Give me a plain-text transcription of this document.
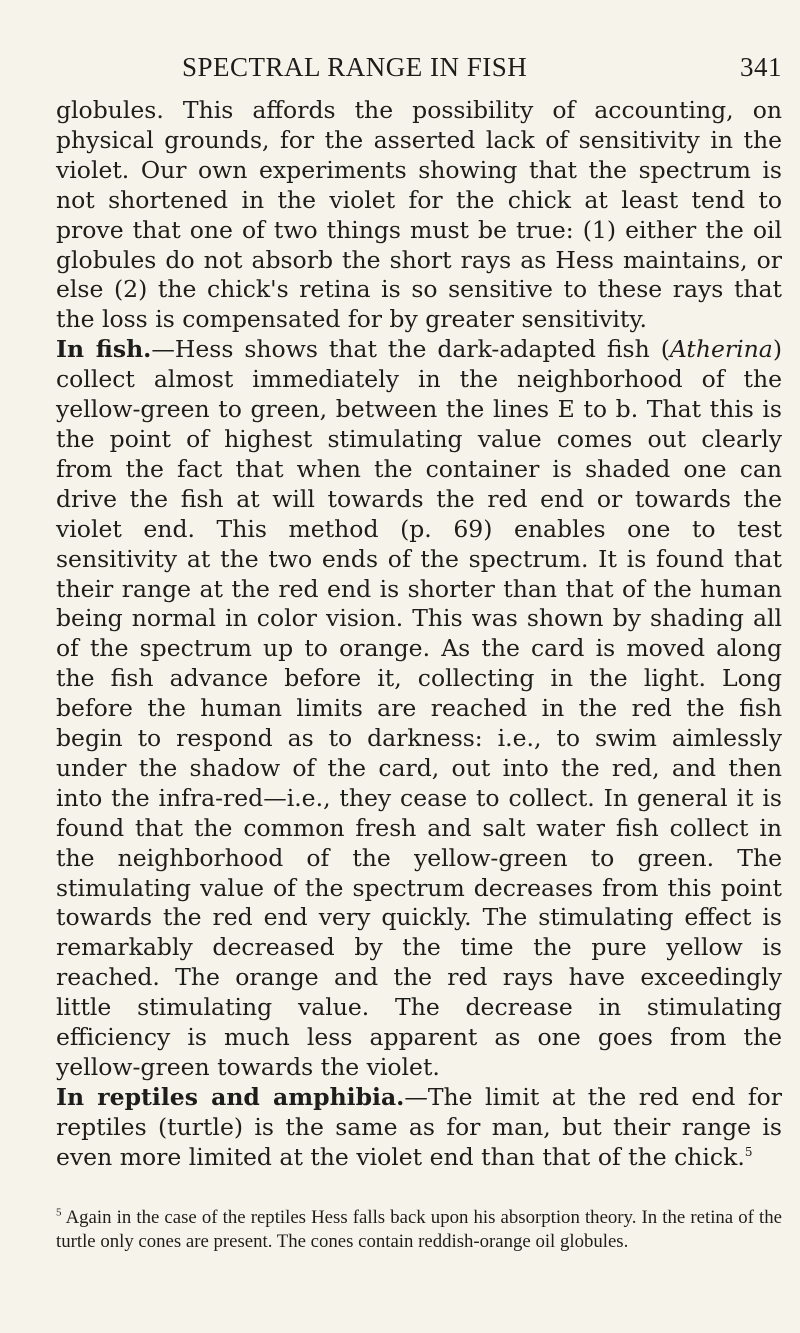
SPECTRAL RANGE IN FISH	341

globules. This affords the possibility of accounting, on physical grounds, for the asserted lack of sensitivity in the violet. Our own experiments showing that the spectrum is not shortened in the violet for the chick at least tend to prove that one of two things must be true: (1) either the oil globules do not absorb the short rays as Hess maintains, or else (2) the chick's retina is so sensitive to these rays that the loss is compensated for by greater sensitivity.

In fish.—Hess shows that the dark-adapted fish (Atherina) collect almost immediately in the neighborhood of the yellow-green to green, between the lines E to b. That this is the point of highest stimulating value comes out clearly from the fact that when the container is shaded one can drive the fish at will towards the red end or towards the violet end. This method (p. 69) enables one to test sensitivity at the two ends of the spectrum. It is found that their range at the red end is shorter than that of the human being normal in color vision. This was shown by shading all of the spectrum up to orange. As the card is moved along the fish advance before it, collecting in the light. Long before the human limits are reached in the red the fish begin to respond as to darkness: i.e., to swim aimlessly under the shadow of the card, out into the red, and then into the infra-red—i.e., they cease to collect. In general it is found that the common fresh and salt water fish collect in the neighborhood of the yellow-green to green. The stimulating value of the spectrum decreases from this point towards the red end very quickly. The stimulating effect is remarkably decreased by the time the pure yellow is reached. The orange and the red rays have exceedingly little stimulating value. The decrease in stimulating efficiency is much less apparent as one goes from the yellow-green towards the violet.

In reptiles and amphibia.—The limit at the red end for reptiles (turtle) is the same as for man, but their range is even more limited at the violet end than that of the chick.$^5$

$^5$ Again in the case of the reptiles Hess falls back upon his absorption theory. In the retina of the turtle only cones are present. The cones contain reddish-orange oil globules.
